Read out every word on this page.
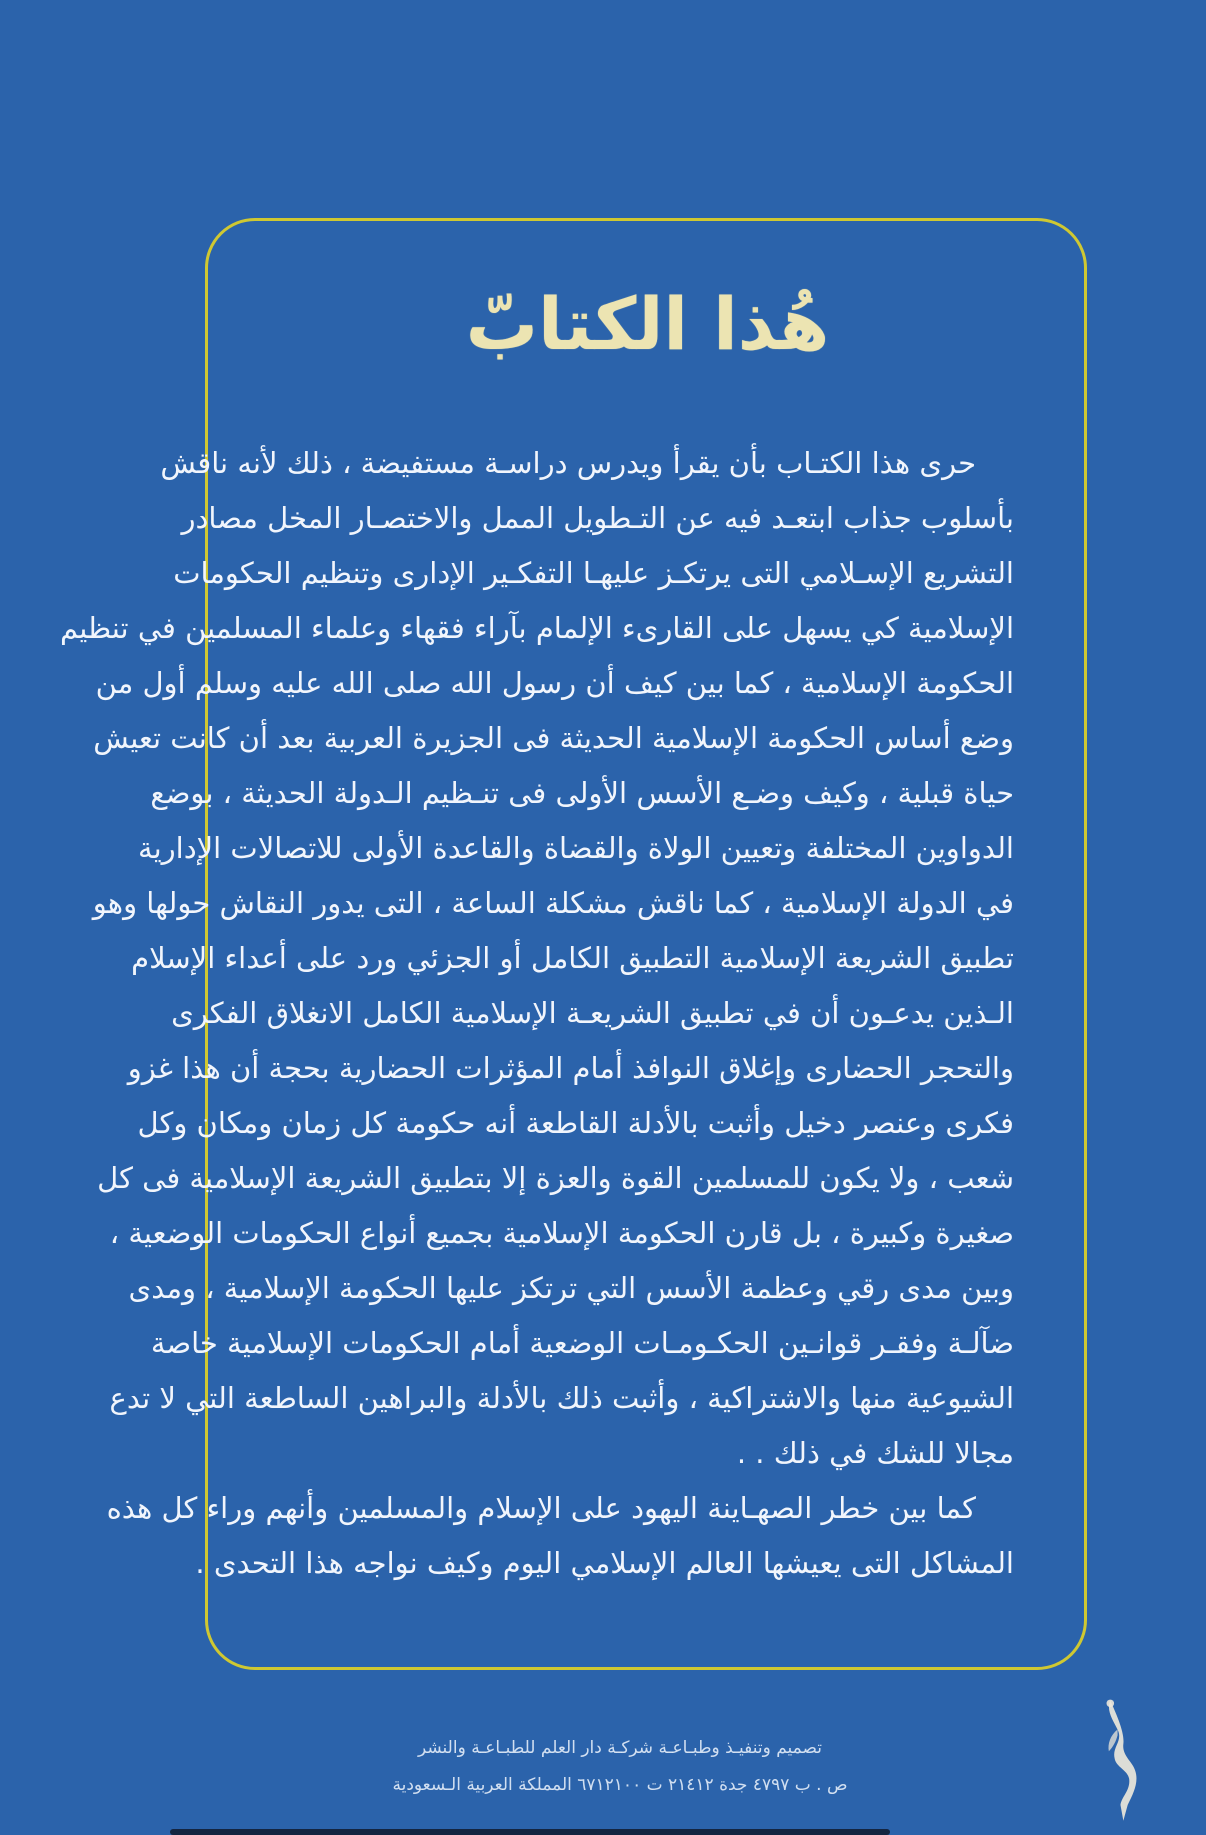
هُذا الكتابّ
حرى هذا الكتـاب بأن يقرأ ويدرس دراسـة مستفيضة ، ذلك لأنه ناقش
بأسلوب جذاب ابتعـد فيه عن التـطويل الممل والاختصـار المخل مصادر
التشريع الإسـلامي التى يرتكـز عليهـا التفكـير الإدارى وتنظيم الحكومات
الإسلامية كي يسهل على القارىء الإلمام بآراء فقهاء وعلماء المسلمين في تنظيم
الحكومة الإسلامية ، كما بين كيف أن رسول الله صلى الله عليه وسلم أول من
وضع أساس الحكومة الإسلامية الحديثة فى الجزيرة العربية بعد أن كانت تعيش
حياة قبلية ، وكيف وضـع الأسس الأولى فى تنـظيم الـدولة الحديثة ، بوضع
الدواوين المختلفة وتعيين الولاة والقضاة والقاعدة الأولى للاتصالات الإدارية
في الدولة الإسلامية ، كما ناقش مشكلة الساعة ، التى يدور النقاش حولها وهو
تطبيق الشريعة الإسلامية التطبيق الكامل أو الجزئي ورد على أعداء الإسلام
الـذين يدعـون أن في تطبيق الشريعـة الإسلامية الكامل الانغلاق الفكرى
والتحجر الحضارى وإغلاق النوافذ أمام المؤثرات الحضارية بحجة أن هذا غزو
فكرى وعنصر دخيل وأثبت بالأدلة القاطعة أنه حكومة كل زمان ومكان وكل
شعب ، ولا يكون للمسلمين القوة والعزة إلا بتطبيق الشريعة الإسلامية فى كل
صغيرة وكبيرة ، بل قارن الحكومة الإسلامية بجميع أنواع الحكومات الوضعية ،
وبين مدى رقي وعظمة الأسس التي ترتكز عليها الحكومة الإسلامية ، ومدى
ضآلـة وفقـر قوانـين الحكـومـات الوضعية أمام الحكومات الإسلامية خاصة
الشيوعية منها والاشتراكية ، وأثبت ذلك بالأدلة والبراهين الساطعة التي لا تدع
مجالا للشك في ذلك . .
كما بين خطر الصهـاينة اليهود على الإسلام والمسلمين وأنهم وراء كل هذه
المشاكل التى يعيشها العالم الإسلامي اليوم وكيف نواجه هذا التحدى .
تصميم وتنفيـذ وطبـاعـة شركـة دار العلم للطبـاعـة والنشر
ص . ب ٤٧٩٧ جدة ٢١٤١٢ ت ٦٧١٢١٠٠ المملكة العربية الـسعودية
